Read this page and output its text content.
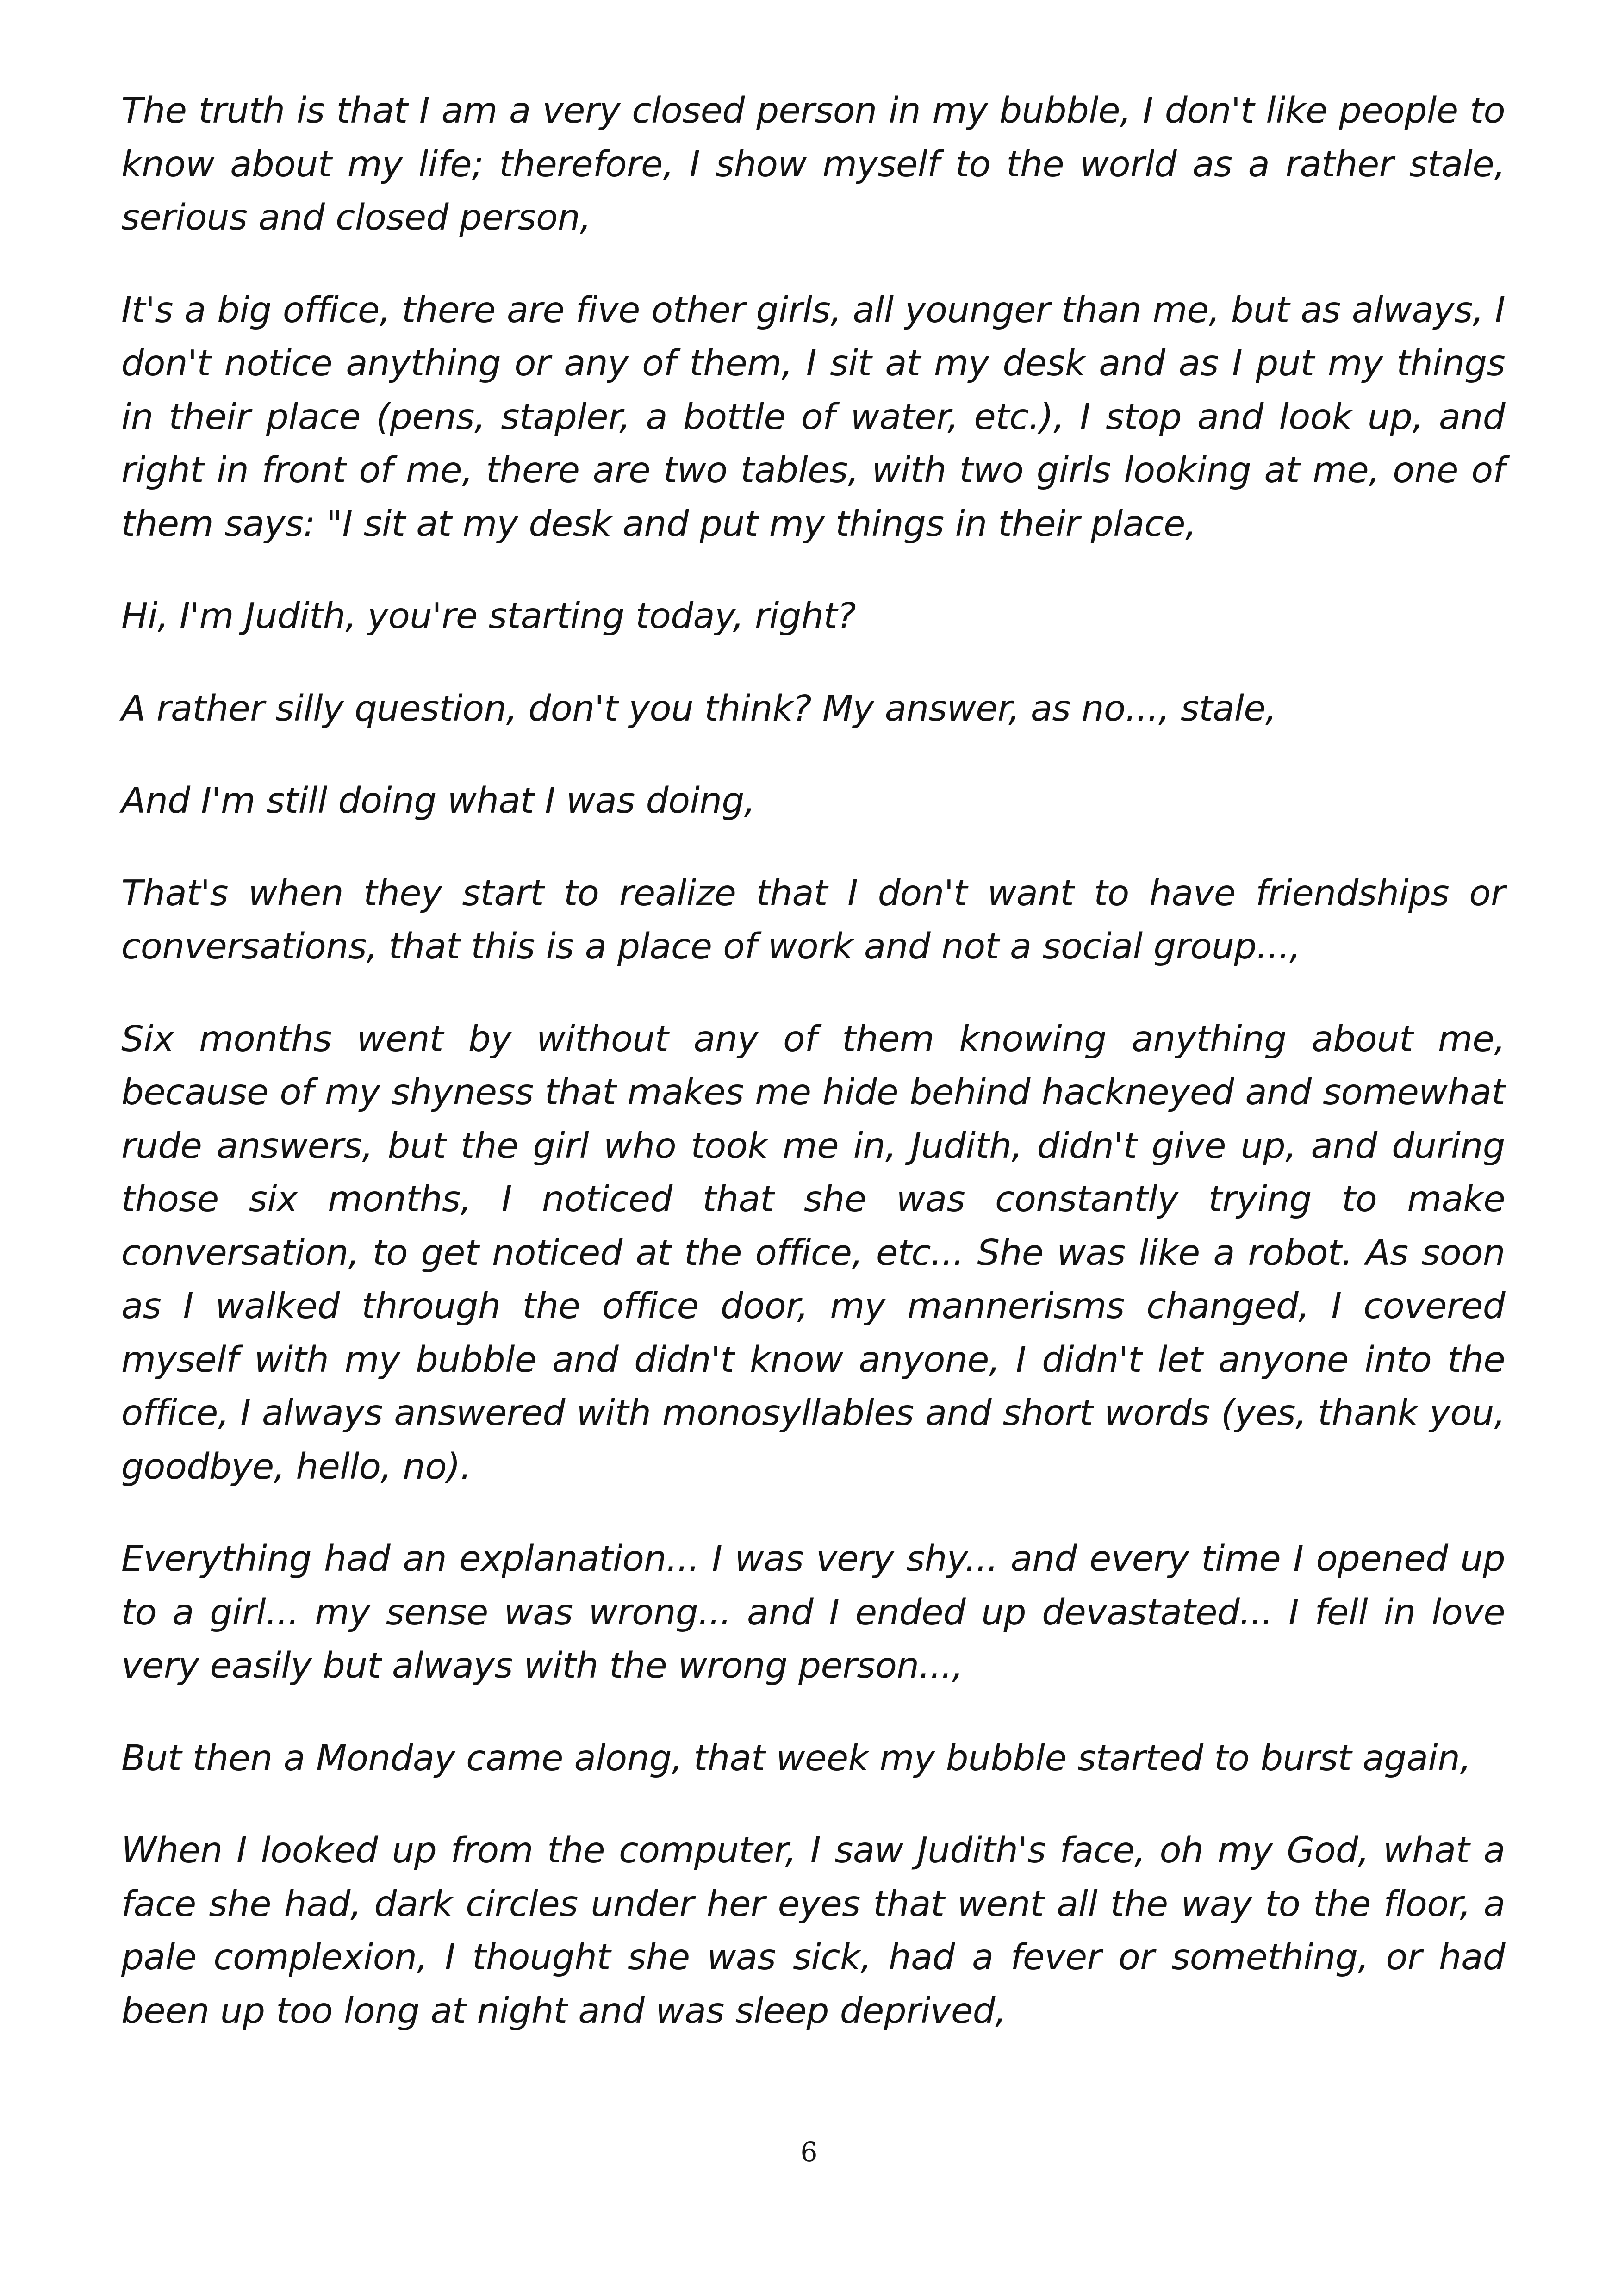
The truth is that I am a very closed person in my bubble, I don't like people to know about my life; therefore, I show myself to the world as a rather stale, serious and closed person,

It's a big office, there are five other girls, all younger than me, but as always, I don't notice anything or any of them, I sit at my desk and as I put my things in their place (pens, stapler, a bottle of water, etc.), I stop and look up, and right in front of me, there are two tables, with two girls looking at me, one of them says: "I sit at my desk and put my things in their place,

Hi, I'm Judith, you're starting today, right?

A rather silly question, don't you think? My answer, as no..., stale,

And I'm still doing what I was doing,

That's when they start to realize that I don't want to have friendships or conversations, that this is a place of work and not a social group...,

Six months went by without any of them knowing anything about me, because of my shyness that makes me hide behind hackneyed and somewhat rude answers, but the girl who took me in, Judith, didn't give up, and during those six months, I noticed that she was constantly trying to make conversation, to get noticed at the office, etc... She was like a robot. As soon as I walked through the office door, my mannerisms changed, I covered myself with my bubble and didn't know anyone, I didn't let anyone into the office, I always answered with monosyllables and short words (yes, thank you, goodbye, hello, no).

Everything had an explanation... I was very shy... and every time I opened up to a girl... my sense was wrong... and I ended up devastated... I fell in love very easily but always with the wrong person...,

But then a Monday came along, that week my bubble started to burst again,

When I looked up from the computer, I saw Judith's face, oh my God, what a face she had, dark circles under her eyes that went all the way to the floor, a pale complexion, I thought she was sick, had a fever or something, or had been up too long at night and was sleep deprived,

6
